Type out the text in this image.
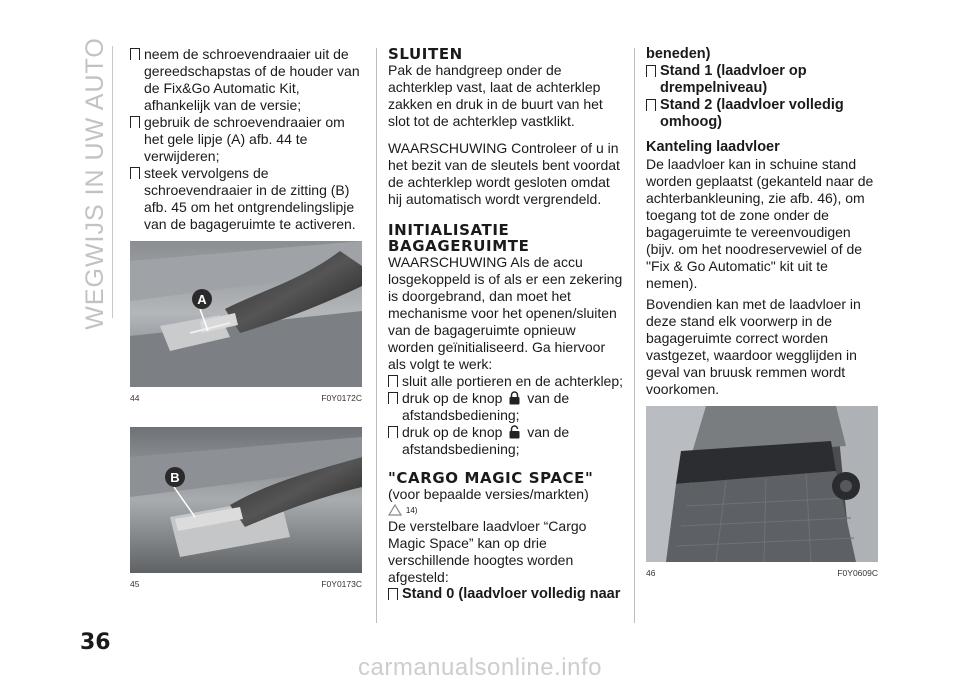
WEGWIJS IN UW AUTO	neem de schroevendraaier uit de gereedschapstas of de houder van de Fix&Go Automatic Kit, afhankelijk van de versie;
gebruik de schroevendraaier om het gele lipje (A) afb. 44 te verwijderen;
steek vervolgens de schroevendraaier in de zitting (B) afb. 45 om het ontgrendelingslipje van de bagageruimte te activeren.
A
44	F0Y0172C
B
45	F0Y0173C
SLUITEN

Pak de handgreep onder de achterklep vast, laat de achterklep zakken en druk in de buurt van het slot tot de achterklep vastklikt.

WAARSCHUWING Controleer of u in het bezit van de sleutels bent voordat de achterklep wordt gesloten omdat hij automatisch wordt vergrendeld.

INITIALISATIE
BAGAGERUIMTE

WAARSCHUWING Als de accu losgekoppeld is of als er een zekering is doorgebrand, dan moet het mechanisme voor het openen/sluiten van de bagageruimte opnieuw worden geïnitialiseerd. Ga hiervoor als volgt te werk:

sluit alle portieren en de achterklep;
druk op de knop van de afstandsbediening;
druk op de knop van de afstandsbediening;
"CARGO MAGIC SPACE"

(voor bepaalde versies/markten)

14)

De verstelbare laadvloer “Cargo Magic Space” kan op drie verschillende hoogtes worden afgesteld:

Stand 0 (laadvloer volledig naar

beneden)

Stand 1 (laadvloer op drempelniveau)
Stand 2 (laadvloer volledig omhoog)
Kanteling laadvloer

De laadvloer kan in schuine stand worden geplaatst (gekanteld naar de achterbankleuning, zie afb. 46), om toegang tot de zone onder de bagageruimte te vereenvoudigen (bijv. om het noodreservewiel of de "Fix & Go Automatic" kit uit te nemen).

Bovendien kan met de laadvloer in deze stand elk voorwerp in de bagageruimte correct worden vastgezet, waardoor wegglijden in geval van bruusk remmen wordt voorkomen.

46	F0Y0609C
36
carmanualsonline.info
